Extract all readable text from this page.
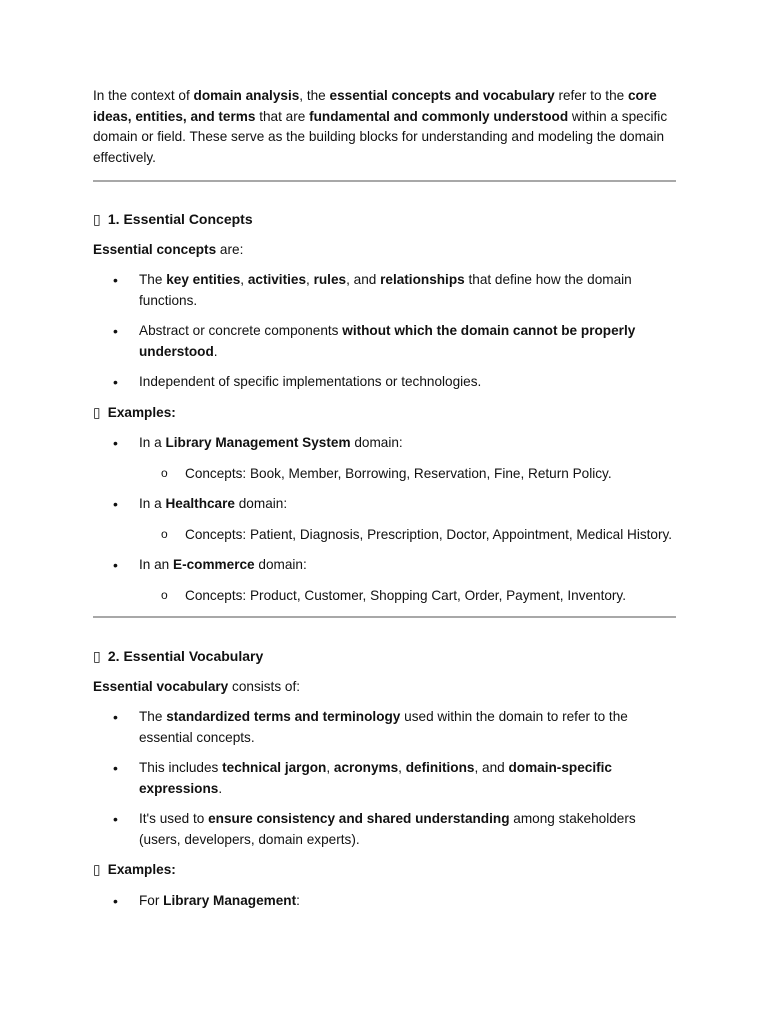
In the context of domain analysis, the essential concepts and vocabulary refer to the core ideas, entities, and terms that are fundamental and commonly understood within a specific domain or field. These serve as the building blocks for understanding and modeling the domain effectively.

▯ 1. Essential Concepts

Essential concepts are:

• The key entities, activities, rules, and relationships that define how the domain functions.
• Abstract or concrete components without which the domain cannot be properly understood.
• Independent of specific implementations or technologies.

▯ Examples:

• In a Library Management System domain:
o Concepts: Book, Member, Borrowing, Reservation, Fine, Return Policy.
• In a Healthcare domain:
o Concepts: Patient, Diagnosis, Prescription, Doctor, Appointment, Medical History.
• In an E-commerce domain:
o Concepts: Product, Customer, Shopping Cart, Order, Payment, Inventory.

▯ 2. Essential Vocabulary

Essential vocabulary consists of:

• The standardized terms and terminology used within the domain to refer to the essential concepts.
• This includes technical jargon, acronyms, definitions, and domain-specific expressions.
• It's used to ensure consistency and shared understanding among stakeholders (users, developers, domain experts).

▯ Examples:

• For Library Management:
